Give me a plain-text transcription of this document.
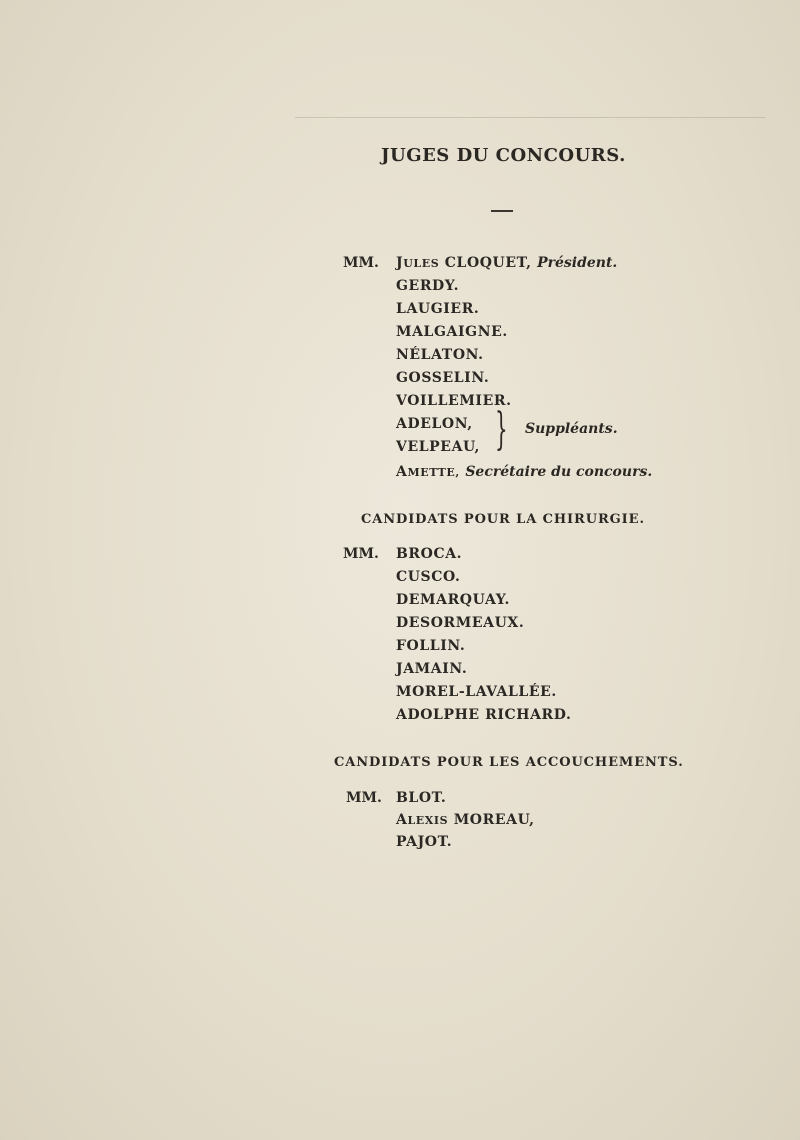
JUGES DU CONCOURS.
MM. JULES CLOQUET, Président.
GERDY.
LAUGIER.
MALGAIGNE.
NÉLATON.
GOSSELIN.
VOILLEMIER.
ADELON,
VELPEAU, } Suppléants.
AMETTE, Secrétaire du concours.
CANDIDATS POUR LA CHIRURGIE.
MM. BROCA.
CUSCO.
DEMARQUAY.
DESORMEAUX.
FOLLIN.
JAMAIN.
MOREL-LAVALLÉE.
ADOLPHE RICHARD.
CANDIDATS POUR LES ACCOUCHEMENTS.
MM. BLOT.
ALEXIS MOREAU,
PAJOT.
